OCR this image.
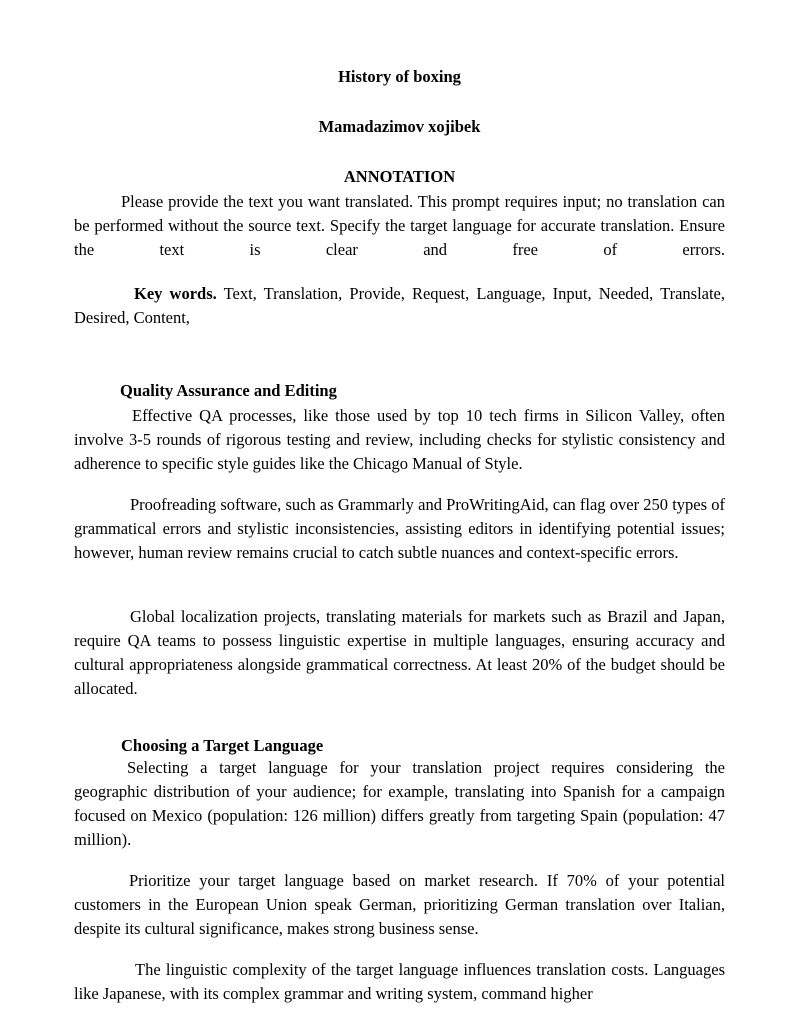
History of boxing
Mamadazimov xojibek
ANNOTATION

Please provide the text you want translated. This prompt requires input; no translation can be performed without the source text. Specify the target language for accurate translation. Ensure the text is clear and free of errors.

Key words. Text, Translation, Provide, Request, Language, Input, Needed, Translate, Desired, Content,

Quality Assurance and Editing

Effective QA processes, like those used by top 10 tech firms in Silicon Valley, often involve 3-5 rounds of rigorous testing and review, including checks for stylistic consistency and adherence to specific style guides like the Chicago Manual of Style.

Proofreading software, such as Grammarly and ProWritingAid, can flag over 250 types of grammatical errors and stylistic inconsistencies, assisting editors in identifying potential issues; however, human review remains crucial to catch subtle nuances and context-specific errors.

Global localization projects, translating materials for markets such as Brazil and Japan, require QA teams to possess linguistic expertise in multiple languages, ensuring accuracy and cultural appropriateness alongside grammatical correctness. At least 20% of the budget should be allocated.

Choosing a Target Language

Selecting a target language for your translation project requires considering the geographic distribution of your audience; for example, translating into Spanish for a campaign focused on Mexico (population: 126 million) differs greatly from targeting Spain (population: 47 million).

Prioritize your target language based on market research. If 70% of your potential customers in the European Union speak German, prioritizing German translation over Italian, despite its cultural significance, makes strong business sense.

The linguistic complexity of the target language influences translation costs. Languages like Japanese, with its complex grammar and writing system, command higher
